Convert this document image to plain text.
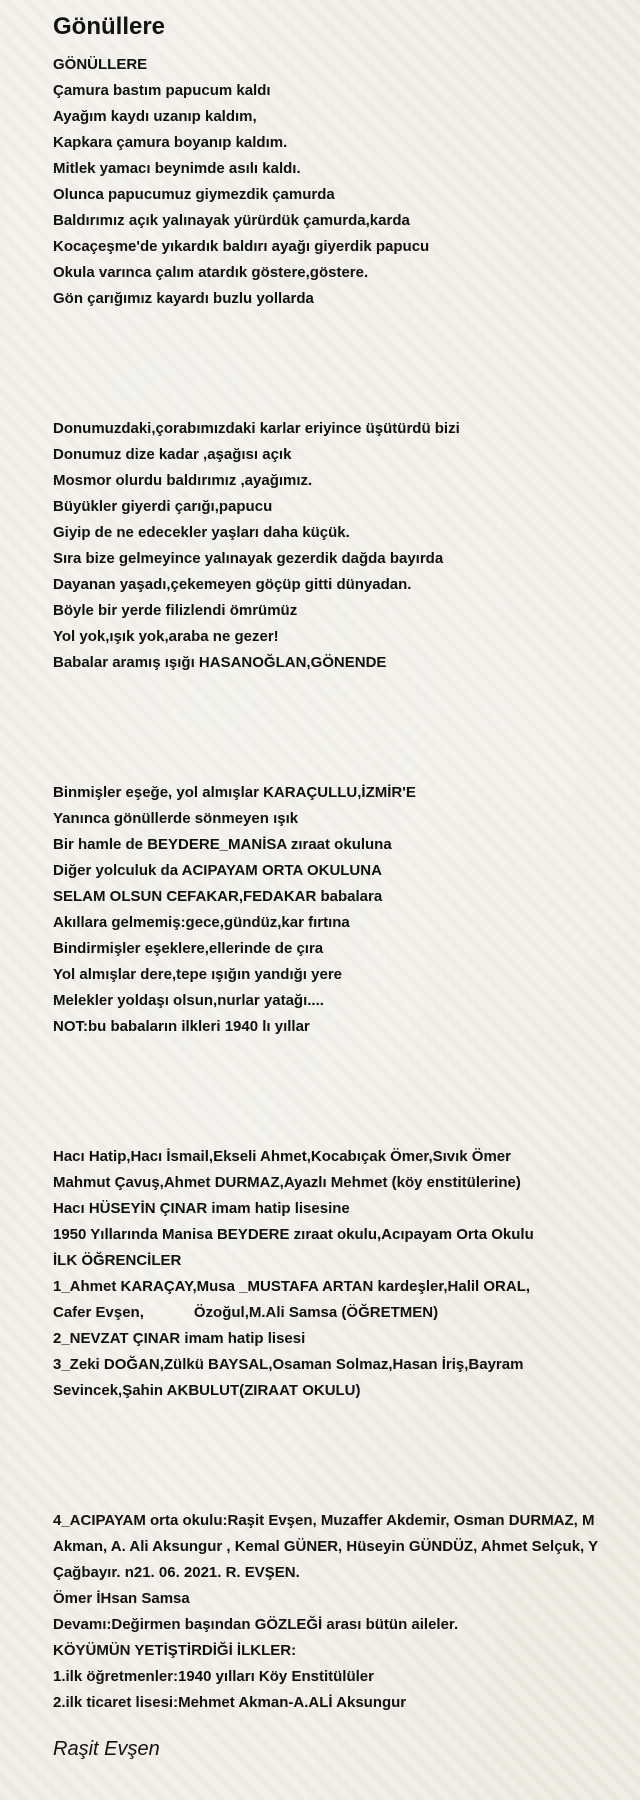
Gönüllere
GÖNÜLLERE
Çamura bastım papucum kaldı
Ayağım kaydı uzanıp kaldım,
Kapkara çamura boyanıp kaldım.
Mitlek yamacı beynimde asılı kaldı.
Olunca papucumuz giymezdik çamurda
Baldırımız açık yalınayak yürürdük çamurda,karda
Kocaçeşme'de yıkardık baldırı ayağı giyerdik papucu
Okula varınca çalım atardık göstere,göstere.
Gön çarığımız kayardı buzlu yollarda
Donumuzdaki,çorabımızdaki karlar eriyince üşütürdü bizi
Donumuz dize kadar ,aşağısı açık
Mosmor olurdu baldırımız ,ayağımız.
Büyükler giyerdi çarığı,papucu
Giyip de ne edecekler yaşları daha küçük.
Sıra bize gelmeyince yalınayak gezerdik dağda bayırda
Dayanan yaşadı,çekemeyen göçüp gitti dünyadan.
Böyle bir yerde filizlendi ömrümüz
Yol yok,ışık yok,araba ne gezer!
Babalar aramış ışığı HASANOĞLAN,GÖNENDE
Binmişler eşeğe, yol almışlar KARAÇULLU,İZMİR'E
Yanınca gönüllerde sönmeyen ışık
Bir hamle de BEYDERE_MANİSA zıraat okuluna
Diğer yolculuk da ACIPAYAM ORTA OKULUNA
SELAM OLSUN CEFAKAR,FEDAKAR babalara
Akıllara gelmemiş:gece,gündüz,kar fırtına
Bindirmişler eşeklere,ellerinde de çıra
Yol almışlar dere,tepe ışığın yandığı yere
Melekler yoldaşı olsun,nurlar yatağı....
NOT:bu babaların ilkleri 1940 lı yıllar
Hacı Hatip,Hacı İsmail,Ekseli Ahmet,Kocabıçak Ömer,Sıvık Ömer
Mahmut Çavuş,Ahmet DURMAZ,Ayazlı Mehmet (köy enstitülerine)
Hacı HÜSEYİN ÇINAR imam hatip lisesine
1950 Yıllarında Manisa BEYDERE zıraat okulu,Acıpayam Orta Okulu
İLK ÖĞRENCİLER
1_Ahmet KARAÇAY,Musa _MUSTAFA ARTAN kardeşler,Halil ORAL,
Cafer Evşen,            Özoğul,M.Ali Samsa (ÖĞRETMEN)
2_NEVZAT ÇINAR imam hatip lisesi
3_Zeki DOĞAN,Zülkü BAYSAL,Osaman Solmaz,Hasan İriş,Bayram
Sevincek,Şahin AKBULUT(ZIRAAT OKULU)
4_ACIPAYAM orta okulu:Raşit Evşen, Muzaffer Akdemir, Osman DURMAZ, M
Akman, A. Ali Aksungur , Kemal GÜNER, Hüseyin GÜNDÜZ, Ahmet Selçuk, Y
Çağbayır. n21. 06. 2021. R. EVŞEN.
Ömer İHsan Samsa
Devamı:Değirmen başından GÖZLEĞİ arası bütün aileler.
KÖYÜMÜN YETİŞTİRDİĞİ İLKLER:
1.ilk öğretmenler:1940 yılları Köy Enstitülüler
2.ilk ticaret lisesi:Mehmet Akman-A.ALİ Aksungur
Raşit Evşen
